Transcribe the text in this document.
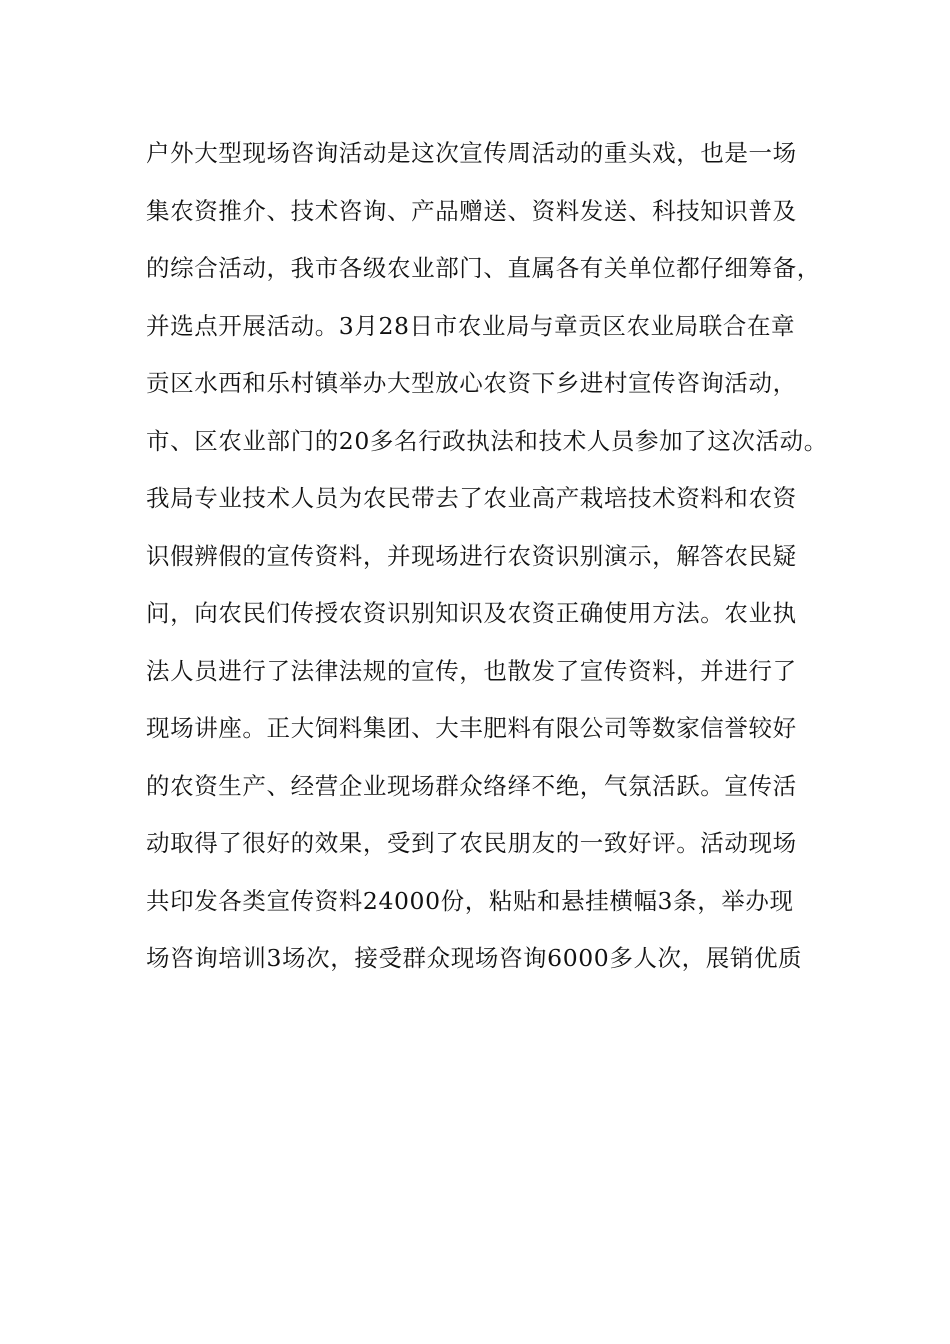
户外大型现场咨询活动是这次宣传周活动的重头戏，也是一场
集农资推介、技术咨询、产品赠送、资料发送、科技知识普及
的综合活动，我市各级农业部门、直属各有关单位都仔细筹备，
并选点开展活动。3月28日市农业局与章贡区农业局联合在章
贡区水西和乐村镇举办大型放心农资下乡进村宣传咨询活动，
市、区农业部门的20多名行政执法和技术人员参加了这次活动。
我局专业技术人员为农民带去了农业高产栽培技术资料和农资
识假辨假的宣传资料，并现场进行农资识别演示，解答农民疑
问，向农民们传授农资识别知识及农资正确使用方法。农业执
法人员进行了法律法规的宣传，也散发了宣传资料，并进行了
现场讲座。正大饲料集团、大丰肥料有限公司等数家信誉较好
的农资生产、经营企业现场群众络绎不绝，气氛活跃。宣传活
动取得了很好的效果，受到了农民朋友的一致好评。活动现场
共印发各类宣传资料24000份，粘贴和悬挂横幅3条，举办现
场咨询培训3场次，接受群众现场咨询6000多人次，展销优质
